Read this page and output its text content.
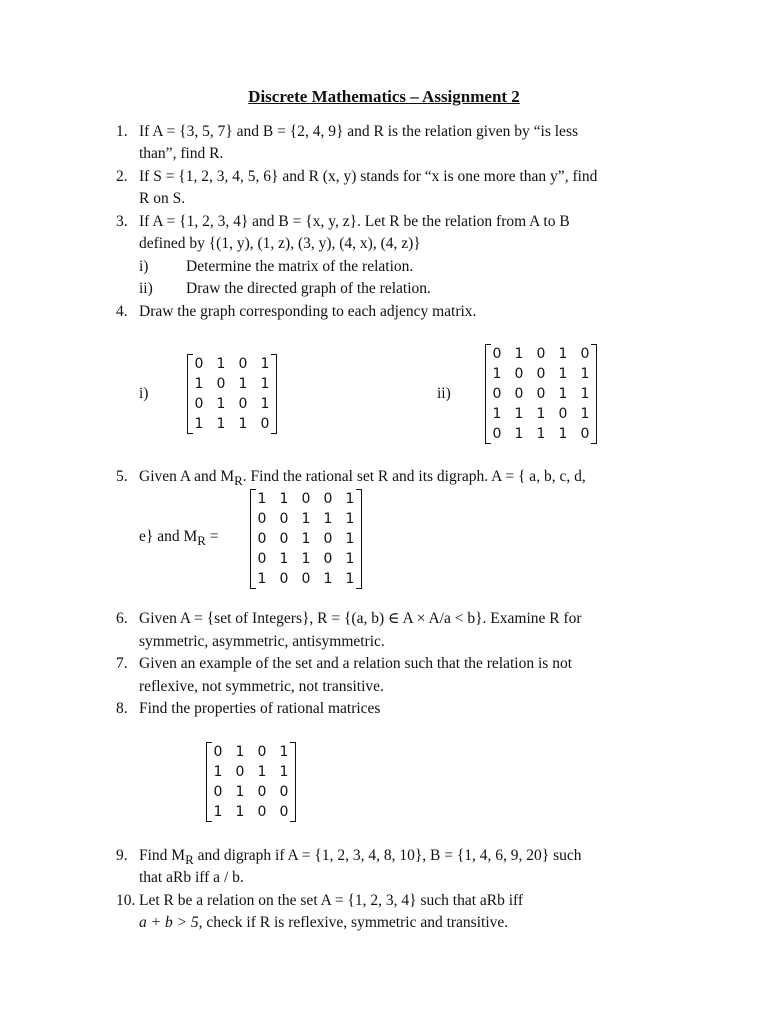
Discrete Mathematics – Assignment 2
1. If A = {3, 5, 7} and B = {2, 4, 9} and R is the relation given by “is less
than”, find R.
2. If S = {1, 2, 3, 4, 5, 6} and R (x, y) stands for “x is one more than y”, find
R on S.
3. If A = {1, 2, 3, 4} and B = {x, y, z}. Let R be the relation from A to B
defined by {(1, y), (1, z), (3, y), (4, x), (4, z)}
i) Determine the matrix of the relation.
ii) Draw the directed graph of the relation.
4. Draw the graph corresponding to each adjency matrix.
i)
0 1 0 1
1 0 1 1
0 1 0 1
1 1 1 0
ii)
0 1 0 1 0
1 0 0 1 1
0 0 0 1 1
1 1 1 0 1
0 1 1 1 0
5. Given A and $M_R$. Find the rational set R and its digraph. A = { a, b, c, d,
e} and $M_R$ =
1 1 0 0 1
0 0 1 1 1
0 0 1 0 1
0 1 1 0 1
1 0 0 1 1
6. Given A = {set of Integers}, R = {(a, b) ∈ A × A/a < b}. Examine R for
symmetric, asymmetric, antisymmetric.
7. Given an example of the set and a relation such that the relation is not
reflexive, not symmetric, not transitive.
8. Find the properties of rational matrices
0 1 0 1
1 0 1 1
0 1 0 0
1 1 0 0
9. Find $M_R$ and digraph if A = {1, 2, 3, 4, 8, 10}, B = {1, 4, 6, 9, 20} such
that aRb iff a / b.
10. Let R be a relation on the set A = {1, 2, 3, 4} such that aRb iff
a + b > 5, check if R is reflexive, symmetric and transitive.
